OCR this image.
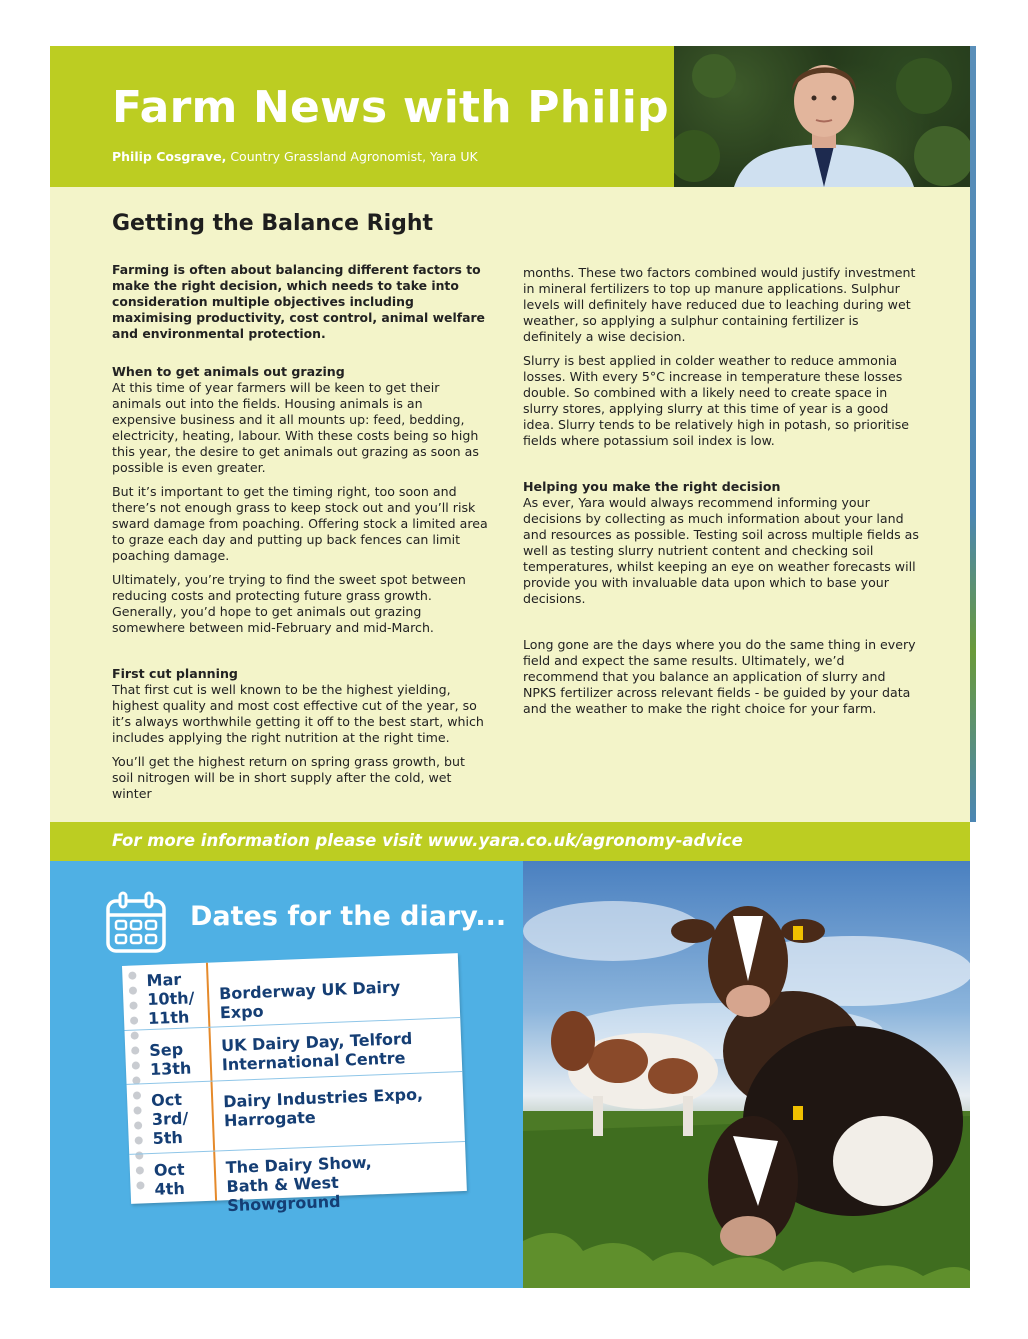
Farm News with Philip
Philip Cosgrave, Country Grassland Agronomist, Yara UK
Getting the Balance Right

Farming is often about balancing different factors to make the right decision, which needs to take into consideration multiple objectives including maximising productivity, cost control, animal welfare and environmental protection.

When to get animals out grazing

At this time of year farmers will be keen to get their animals out into the fields. Housing animals is an expensive business and it all mounts up: feed, bedding, electricity, heating, labour. With these costs being so high this year, the desire to get animals out grazing as soon as possible is even greater.

But it’s important to get the timing right, too soon and there’s not enough grass to keep stock out and you’ll risk sward damage from poaching. Offering stock a limited area to graze each day and putting up back fences can limit poaching damage.

Ultimately, you’re trying to find the sweet spot between reducing costs and protecting future grass growth. Generally, you’d hope to get animals out grazing somewhere between mid-February and mid-March.

First cut planning

That first cut is well known to be the highest yielding, highest quality and most cost effective cut of the year, so it’s always worthwhile getting it off to the best start, which includes applying the right nutrition at the right time.

You’ll get the highest return on spring grass growth, but soil nitrogen will be in short supply after the cold, wet winter

months. These two factors combined would justify investment in mineral fertilizers to top up manure applications. Sulphur levels will definitely have reduced due to leaching during wet weather, so applying a sulphur containing fertilizer is definitely a wise decision.

Slurry is best applied in colder weather to reduce ammonia losses. With every 5°C increase in temperature these losses double. So combined with a likely need to create space in slurry stores, applying slurry at this time of year is a good idea. Slurry tends to be relatively high in potash, so prioritise fields where potassium soil index is low.

Helping you make the right decision

As ever, Yara would always recommend informing your decisions by collecting as much information about your land and resources as possible. Testing soil across multiple fields as well as testing slurry nutrient content and checking soil temperatures, whilst keeping an eye on weather forecasts will provide you with invaluable data upon which to base your decisions.

Long gone are the days where you do the same thing in every field and expect the same results. Ultimately, we’d recommend that you balance an application of slurry and NPKS fertilizer across relevant fields - be guided by your data and the weather to make the right choice for your farm.

For more information please visit www.yara.co.uk/agronomy-advice
Dates for the diary...
Mar
10th/
11th
Borderway UK Dairy Expo
Sep
13th
UK Dairy Day, Telford
International Centre
Oct
3rd/
5th
Dairy Industries Expo,
Harrogate
Oct
4th
The Dairy Show,
Bath & West Showground
